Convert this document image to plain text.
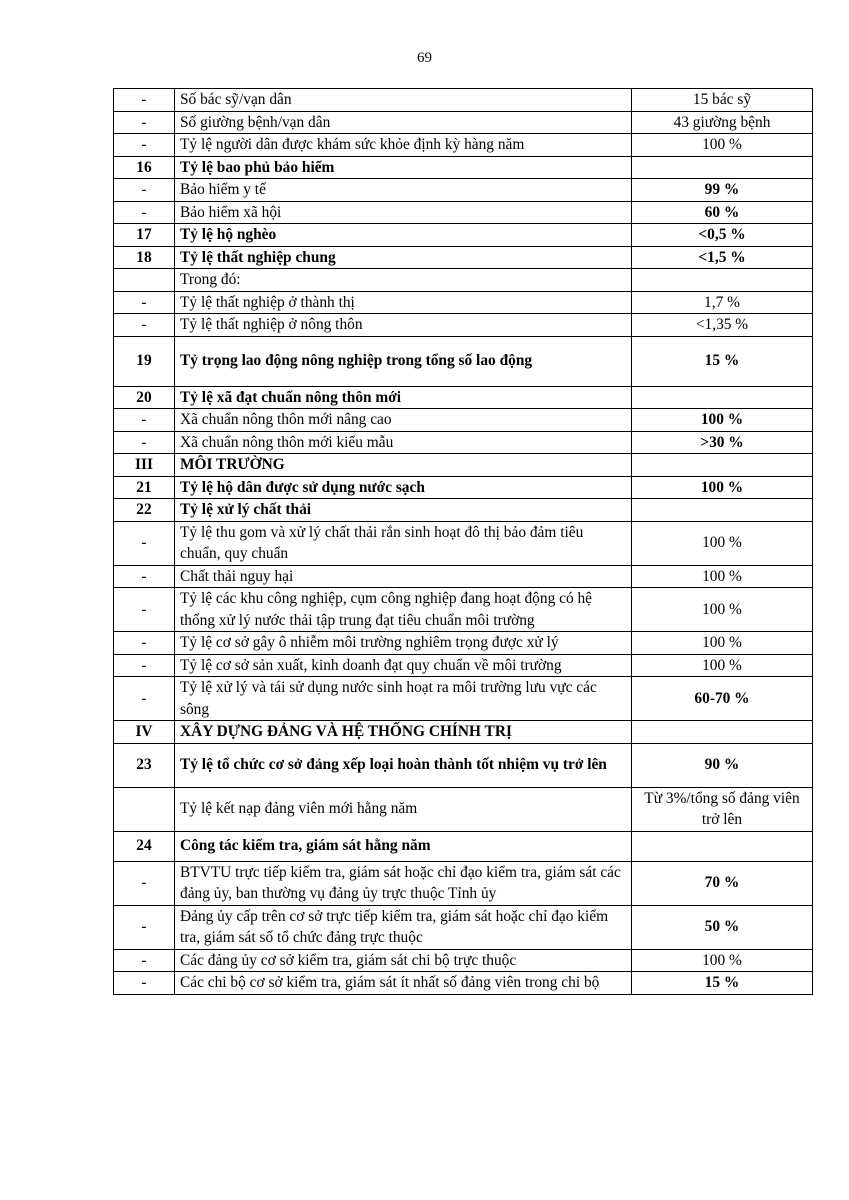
69
-	Số bác sỹ/vạn dân	15 bác sỹ
-	Số giường bệnh/vạn dân	43 giường bệnh
-	Tỷ lệ người dân được khám sức khỏe định kỳ hàng năm	100 %
16	Tỷ lệ bao phủ bảo hiểm	
-	Bảo hiểm y tế	99 %
-	Bảo hiểm xã hội	60 %
17	Tỷ lệ hộ nghèo	<0,5 %
18	Tỷ lệ thất nghiệp chung	<1,5 %
	Trong đó:	
-	Tỷ lệ thất nghiệp ở thành thị	1,7 %
-	Tỷ lệ thất nghiệp ở nông thôn	<1,35 %
19	Tỷ trọng lao động nông nghiệp trong tổng số lao động	15 %
20	Tỷ lệ xã đạt chuẩn nông thôn mới	
-	Xã chuẩn nông thôn mới nâng cao	100 %
-	Xã chuẩn nông thôn mới kiểu mẫu	>30 %
III	MÔI TRƯỜNG	
21	Tỷ lệ hộ dân được sử dụng nước sạch	100 %
22	Tỷ lệ xử lý chất thải	
-	Tỷ lệ thu gom và xử lý chất thải rắn sinh hoạt đô thị bảo đảm tiêu chuẩn, quy chuẩn	100 %
-	Chất thải nguy hại	100 %
-	Tỷ lệ các khu công nghiệp, cụm công nghiệp đang hoạt động có hệ thống xử lý nước thải tập trung đạt tiêu chuẩn môi trường	100 %
-	Tỷ lệ cơ sở gây ô nhiễm môi trường nghiêm trọng được xử lý	100 %
-	Tỷ lệ cơ sở sản xuất, kinh doanh đạt quy chuẩn về môi trường	100 %
-	Tỷ lệ xử lý và tái sử dụng nước sinh hoạt ra môi trường lưu vực các sông	60-70 %
IV	XÂY DỰNG ĐẢNG VÀ HỆ THỐNG CHÍNH TRỊ	
23	Tỷ lệ tổ chức cơ sở đảng xếp loại hoàn thành tốt nhiệm vụ trở lên	90 %
	Tỷ lệ kết nạp đảng viên mới hằng năm	Từ 3%/tổng số đảng viên trở lên
24	Công tác kiểm tra, giám sát hằng năm	
-	BTVTU trực tiếp kiểm tra, giám sát hoặc chỉ đạo kiểm tra, giám sát các đảng ủy, ban thường vụ đảng ủy trực thuộc Tỉnh ủy	70 %
-	Đảng ủy cấp trên cơ sở trực tiếp kiểm tra, giám sát hoặc chỉ đạo kiểm tra, giám sát số tổ chức đảng trực thuộc	50 %
-	Các đảng ủy cơ sở kiểm tra, giám sát chi bộ trực thuộc	100 %
-	Các chi bộ cơ sở kiểm tra, giám sát ít nhất số đảng viên trong chi bộ	15 %
